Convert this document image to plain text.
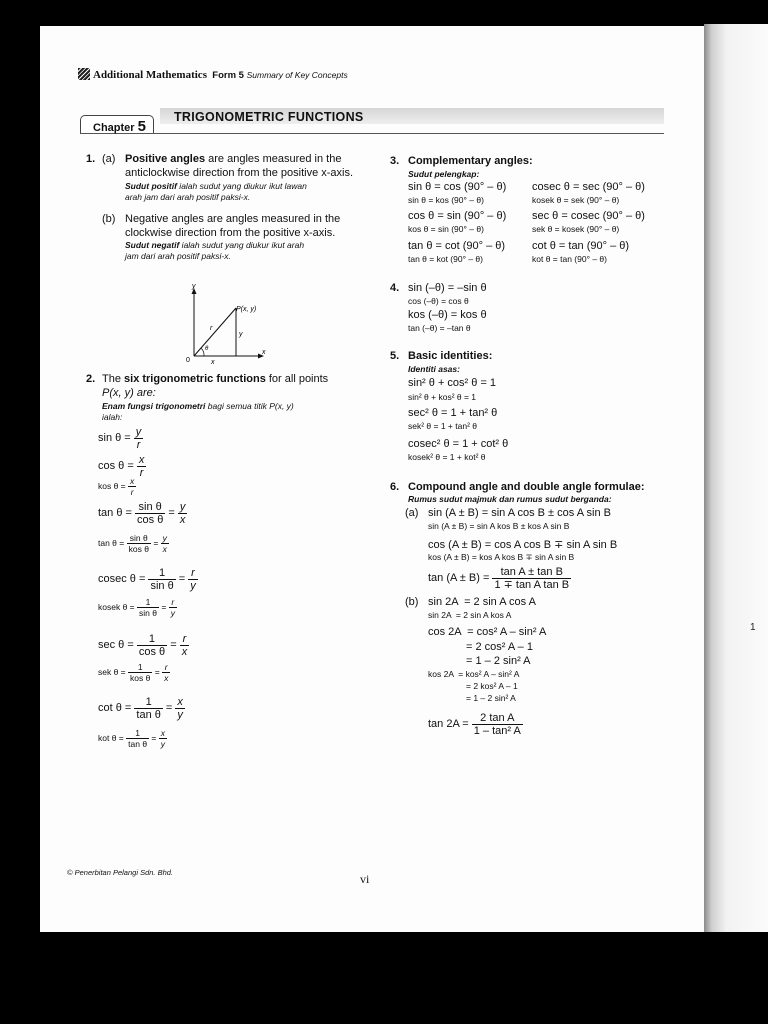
1
Additional Mathematics Form 5 Summary of Key Concepts
Chapter 5
TRIGONOMETRIC FUNCTIONS
1. (a) Positive angles are angles measured in the
anticlockwise direction from the positive x-axis.
Sudut positif ialah sudut yang diukur ikut lawan
arah jam dari arah positif paksi-x.
(b) Negative angles are angles measured in the
clockwise direction from the positive x-axis.
Sudut negatif ialah sudut yang diukur ikut arah
jam dari arah positif paksi-x.
y
x
P(x, y)
r
θ
y
x
0
2. The six trigonometric functions for all points
P(x, y) are:
Enam fungsi trigonometri bagi semua titik P(x, y)
ialah:
sin θ =
$\frac{y}{r}$
cos θ =
$\frac{x}{r}$
kos θ =
$\frac{x}{r}$
tan θ =
$\frac{\text{sin θ}}{\text{cos θ}}$
=
$\frac{y}{x}$
tan θ =
$\frac{\text{sin θ}}{\text{kos θ}}$
=
$\frac{y}{x}$
cosec θ =
$\frac{1}{\text{sin θ}}$
=
$\frac{r}{y}$
kosek θ =
$\frac{1}{\text{sin θ}}$
=
$\frac{r}{y}$
sec θ =
$\frac{1}{\text{cos θ}}$
=
$\frac{r}{x}$
sek θ =
$\frac{1}{\text{kos θ}}$
=
$\frac{r}{x}$
cot θ =
$\frac{1}{\text{tan θ}}$
=
$\frac{x}{y}$
kot θ =
$\frac{1}{\text{tan θ}}$
=
$\frac{x}{y}$
3. Complementary angles:
Sudut pelengkap:
sin θ = cos (90° – θ)
sin θ = kos (90° – θ)
cos θ = sin (90° – θ)
kos θ = sin (90° – θ)
tan θ = cot (90° – θ)
tan θ = kot (90° – θ)
cosec θ = sec (90° – θ)
kosek θ = sek (90° – θ)
sec θ = cosec (90° – θ)
sek θ = kosek (90° – θ)
cot θ = tan (90° – θ)
kot θ = tan (90° – θ)
4. sin (–θ) = –sin θ
cos (–θ) = cos θ
kos (–θ) = kos θ
tan (–θ) = –tan θ
5. Basic identities:
Identiti asas:
sin² θ + cos² θ = 1
sin² θ + kos² θ = 1
sec² θ = 1 + tan² θ
sek² θ = 1 + tan² θ
cosec² θ = 1 + cot² θ
kosek² θ = 1 + kot² θ
6. Compound angle and double angle formulae:
Rumus sudut majmuk dan rumus sudut berganda:
(a) sin (A ± B) = sin A cos B ± cos A sin B
sin (A ± B) = sin A kos B ± kos A sin B
cos (A ± B) = cos A cos B ∓ sin A sin B
kos (A ± B) = kos A kos B ∓ sin A sin B
tan (A ± B) =
$\frac{\text{tan A ± tan B}}{\text{1 ∓ tan A tan B}}$
(b) sin 2A  = 2 sin A cos A
sin 2A  = 2 sin A kos A
cos 2A  = cos² A – sin² A
= 2 cos² A – 1
= 1 – 2 sin² A
kos 2A  = kos² A – sin² A
= 2 kos² A – 1
= 1 – 2 sin² A
tan 2A =
$\frac{\text{2 tan A}}{\text{1 – tan² A}}$
© Penerbitan Pelangi Sdn. Bhd.	vi
